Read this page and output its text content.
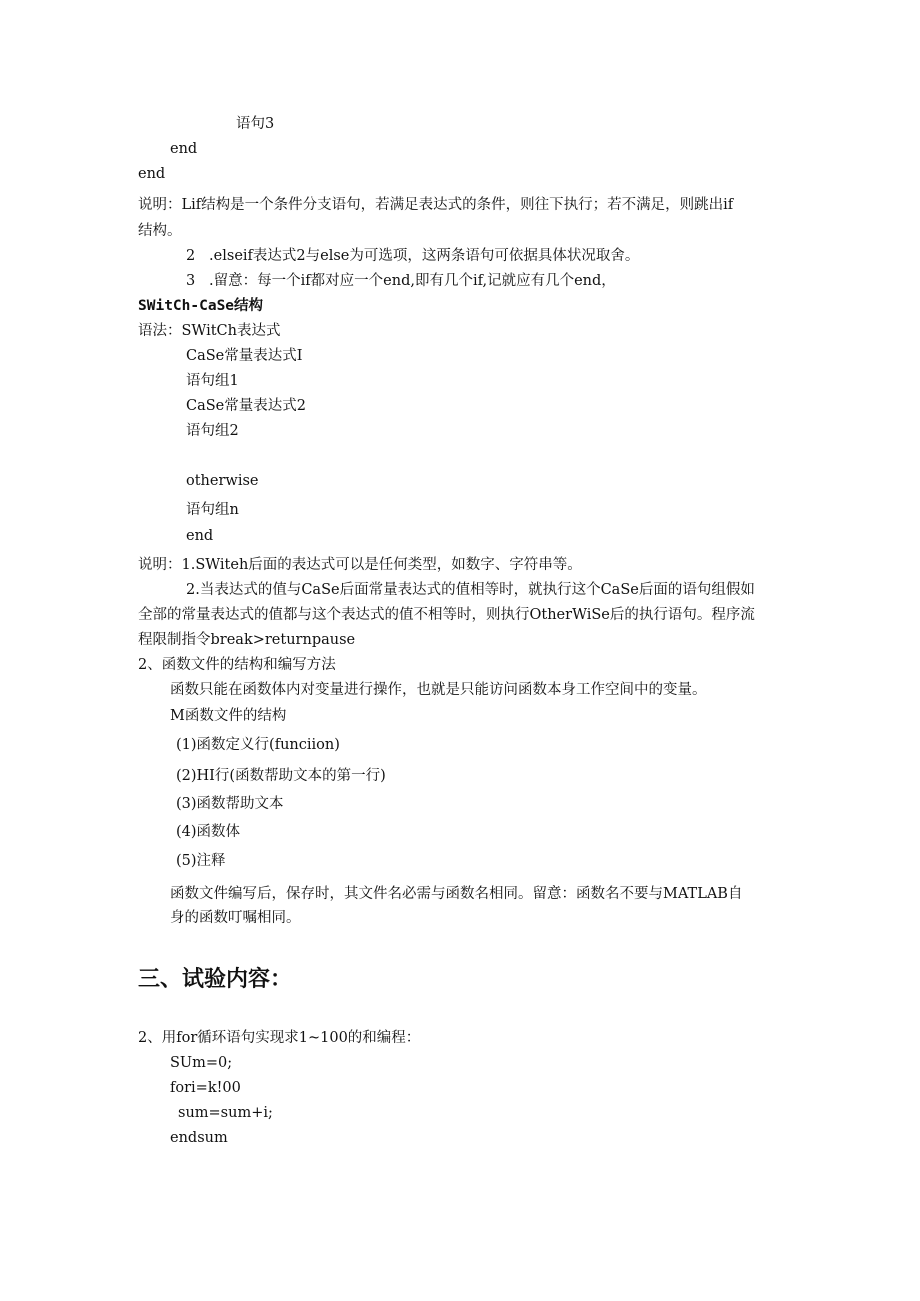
语句3
end
end
说明：Lif结构是一个条件分支语句，若满足表达式的条件，则往下执行；若不满足，则跳出if
结构。
2   .elseif表达式2与else为可选项，这两条语句可依据具体状况取舍。
3   .留意：每一个if都对应一个end,即有几个if,记就应有几个end，
SWitCh-CaSe结构
语法：SWitCh表达式
CaSe常量表达式I
语句组1
CaSe常量表达式2
语句组2
otherwise
语句组n
end
说明：1.SWiteh后面的表达式可以是任何类型，如数字、字符串等。
2.当表达式的值与CaSe后面常量表达式的值相等时，就执行这个CaSe后面的语句组假如
全部的常量表达式的值都与这个表达式的值不相等时，则执行OtherWiSe后的执行语句。程序流
程限制指令break>returnpause
2、函数文件的结构和编写方法
函数只能在函数体内对变量进行操作，也就是只能访问函数本身工作空间中的变量。
M函数文件的结构
(1)函数定义行(funciion)
(2)HI行(函数帮助文本的第一行)
(3)函数帮助文本
(4)函数体
(5)注释
函数文件编写后，保存时，其文件名必需与函数名相同。留意：函数名不要与MATLAB自
身的函数叮嘱相同。
三、试验内容：
2、用for循环语句实现求1~100的和编程：
SUm=0;
fori=k!00
sum=sum+i;
endsum
